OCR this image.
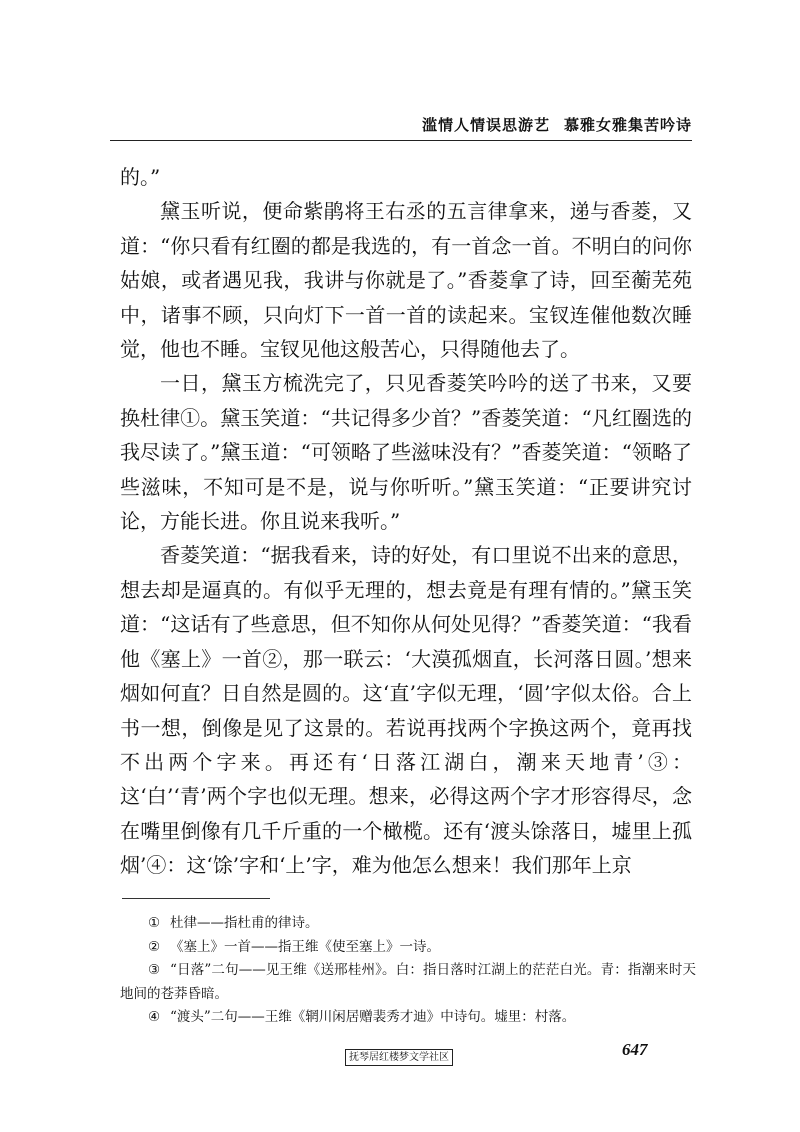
滥情人情误思游艺 慕雅女雅集苦吟诗

的。”

黛玉听说，便命紫鹃将王右丞的五言律拿来，递与香菱，又道：“你只看有红圈的都是我选的，有一首念一首。不明白的问你姑娘，或者遇见我，我讲与你就是了。”香菱拿了诗，回至蘅芜苑中，诸事不顾，只向灯下一首一首的读起来。宝钗连催他数次睡觉，他也不睡。宝钗见他这般苦心，只得随他去了。

一日，黛玉方梳洗完了，只见香菱笑吟吟的送了书来，又要换杜律①。黛玉笑道：“共记得多少首？”香菱笑道：“凡红圈选的我尽读了。”黛玉道：“可领略了些滋味没有？”香菱笑道：“领略了些滋味，不知可是不是，说与你听听。”黛玉笑道：“正要讲究讨论，方能长进。你且说来我听。”

香菱笑道：“据我看来，诗的好处，有口里说不出来的意思，想去却是逼真的。有似乎无理的，想去竟是有理有情的。”黛玉笑道：“这话有了些意思，但不知你从何处见得？”香菱笑道：“我看他《塞上》一首②，那一联云：‘大漠孤烟直，长河落日圆。’想来烟如何直？日自然是圆的。这‘直’字似无理，‘圆’字似太俗。合上书一想，倒像是见了这景的。若说再找两个字换这两个，竟再找不出两个字来。再还有‘日落江湖白，潮来天地青’③：这‘白’‘青’两个字也似无理。想来，必得这两个字才形容得尽，念在嘴里倒像有几千斤重的一个橄榄。还有‘渡头馀落日，墟里上孤烟’④：这‘馀’字和‘上’字，难为他怎么想来！我们那年上京

① 杜律——指杜甫的律诗。

② 《塞上》一首——指王维《使至塞上》一诗。

③ “日落”二句——见王维《送邢桂州》。白：指日落时江湖上的茫茫白光。青：指潮来时天地间的苍莽昏暗。

④ “渡头”二句——王维《辋川闲居赠裴秀才迪》中诗句。墟里：村落。

抚琴居红楼梦文学社区	647
